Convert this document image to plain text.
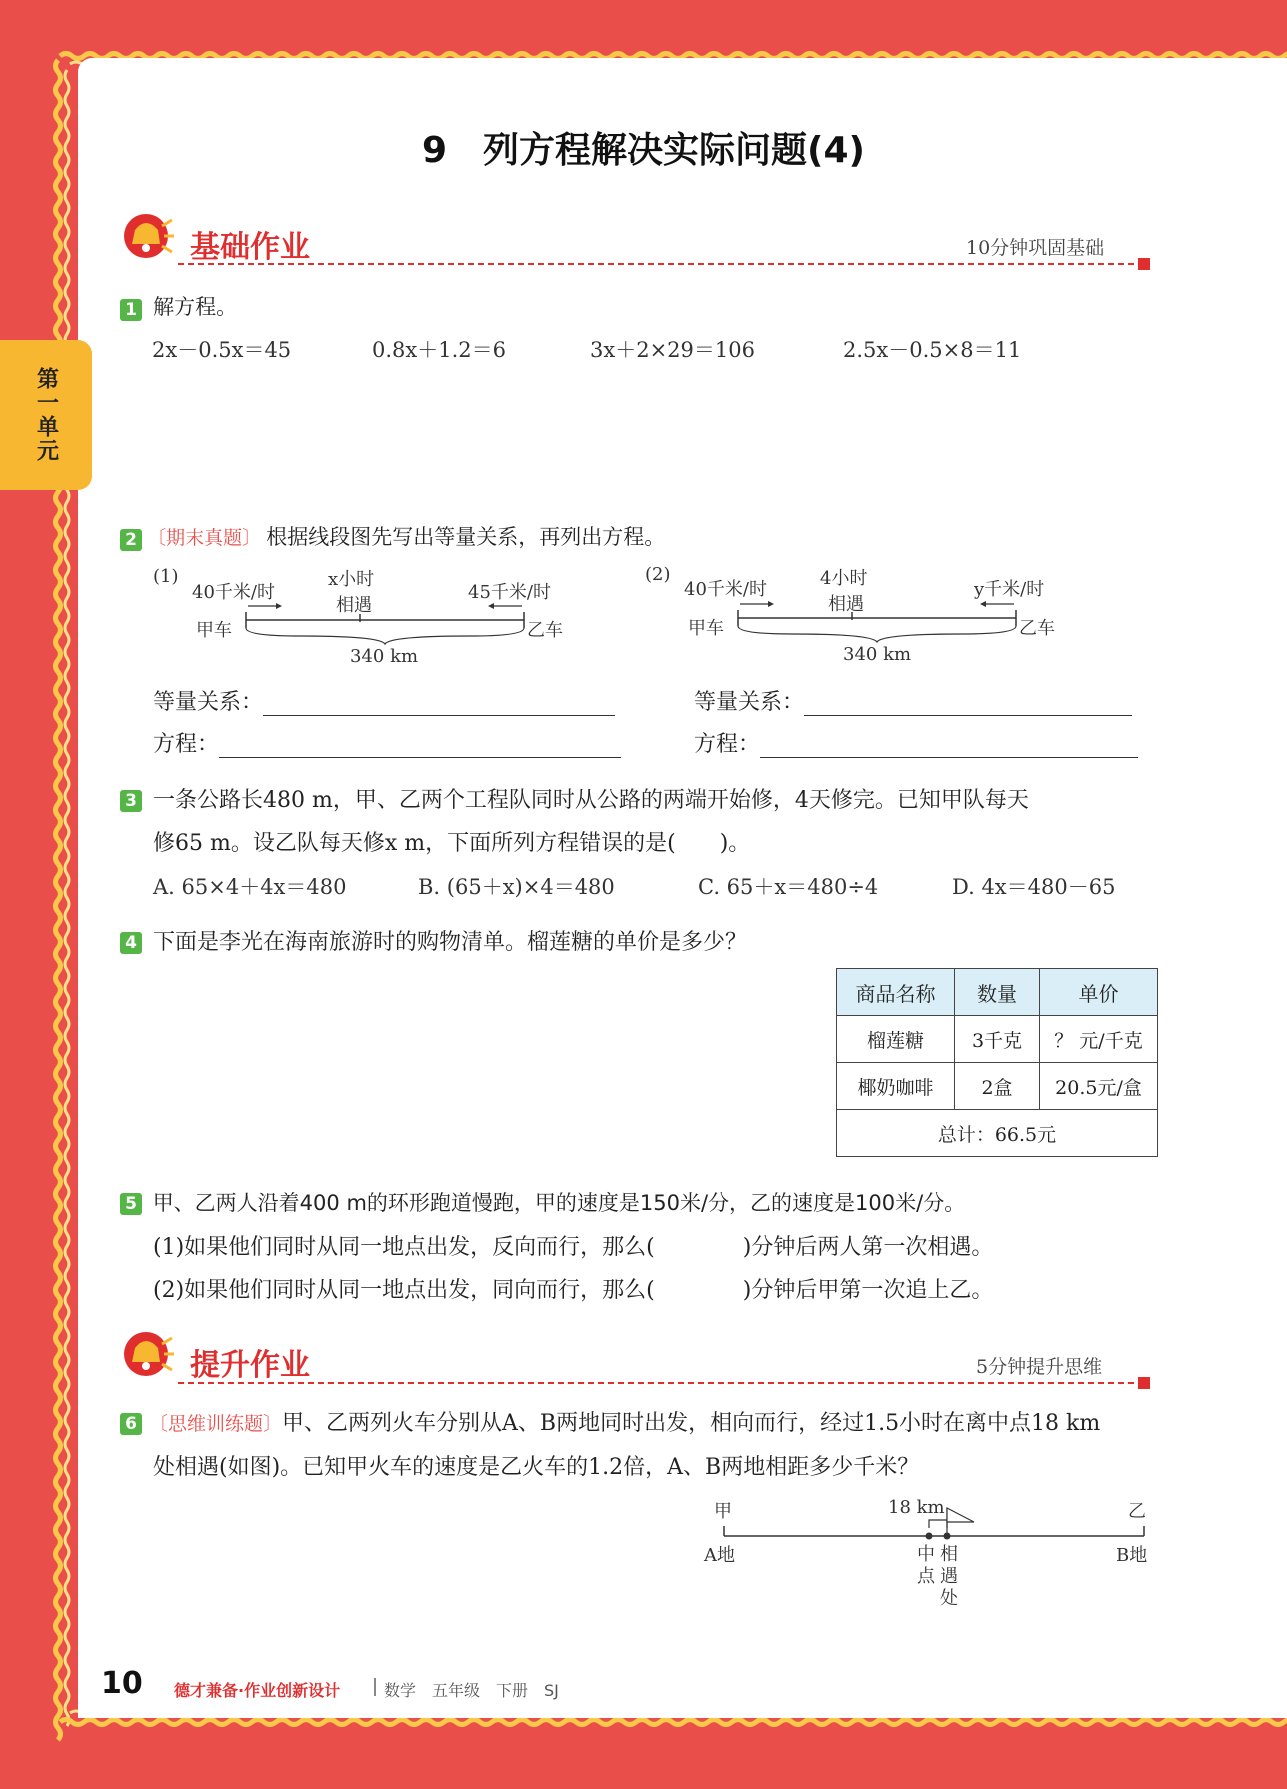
第一单元
9　列方程解决实际问题(4)
基础作业	10分钟巩固基础
1 解方程。
2x－0.5x＝45	0.8x＋1.2＝6	3x＋2×29＝106	2.5x－0.5×8＝11
2 〔期末真题〕 根据线段图先写出等量关系，再列出方程。
(1)
40千米/时
x小时
相遇
45千米/时
甲车	乙车
340 km
(2)
40千米/时
4小时
相遇
y千米/时
甲车	乙车
340 km
等量关系：
方程：
等量关系：
方程：
3 一条公路长480 m，甲、乙两个工程队同时从公路的两端开始修，4天修完。已知甲队每天
修65 m。设乙队每天修x m，下面所列方程错误的是(　　)。
A. 65×4＋4x＝480	B. (65＋x)×4＝480	C. 65＋x＝480÷4	D. 4x＝480－65
4 下面是李光在海南旅游时的购物清单。榴莲糖的单价是多少？
商品名称	数量	单价
榴莲糖	3千克	？ 元/千克
椰奶咖啡	2盒	20.5元/盒
总计：66.5元		
5 甲、乙两人沿着400 m的环形跑道慢跑，甲的速度是150米/分，乙的速度是100米/分。
(1)如果他们同时从同一地点出发，反向而行，那么(　　　　)分钟后两人第一次相遇。
(2)如果他们同时从同一地点出发，同向而行，那么(　　　　)分钟后甲第一次追上乙。
提升作业	5分钟提升思维
6 〔思维训练题〕甲、乙两列火车分别从A、B两地同时出发，相向而行，经过1.5小时在离中点18 km
处相遇(如图)。已知甲火车的速度是乙火车的1.2倍，A、B两地相距多少千米？
甲
A地
乙
B地
18 km
中点
相遇处
10 德才兼备·作业创新设计	数学　五年级　下册　SJ
